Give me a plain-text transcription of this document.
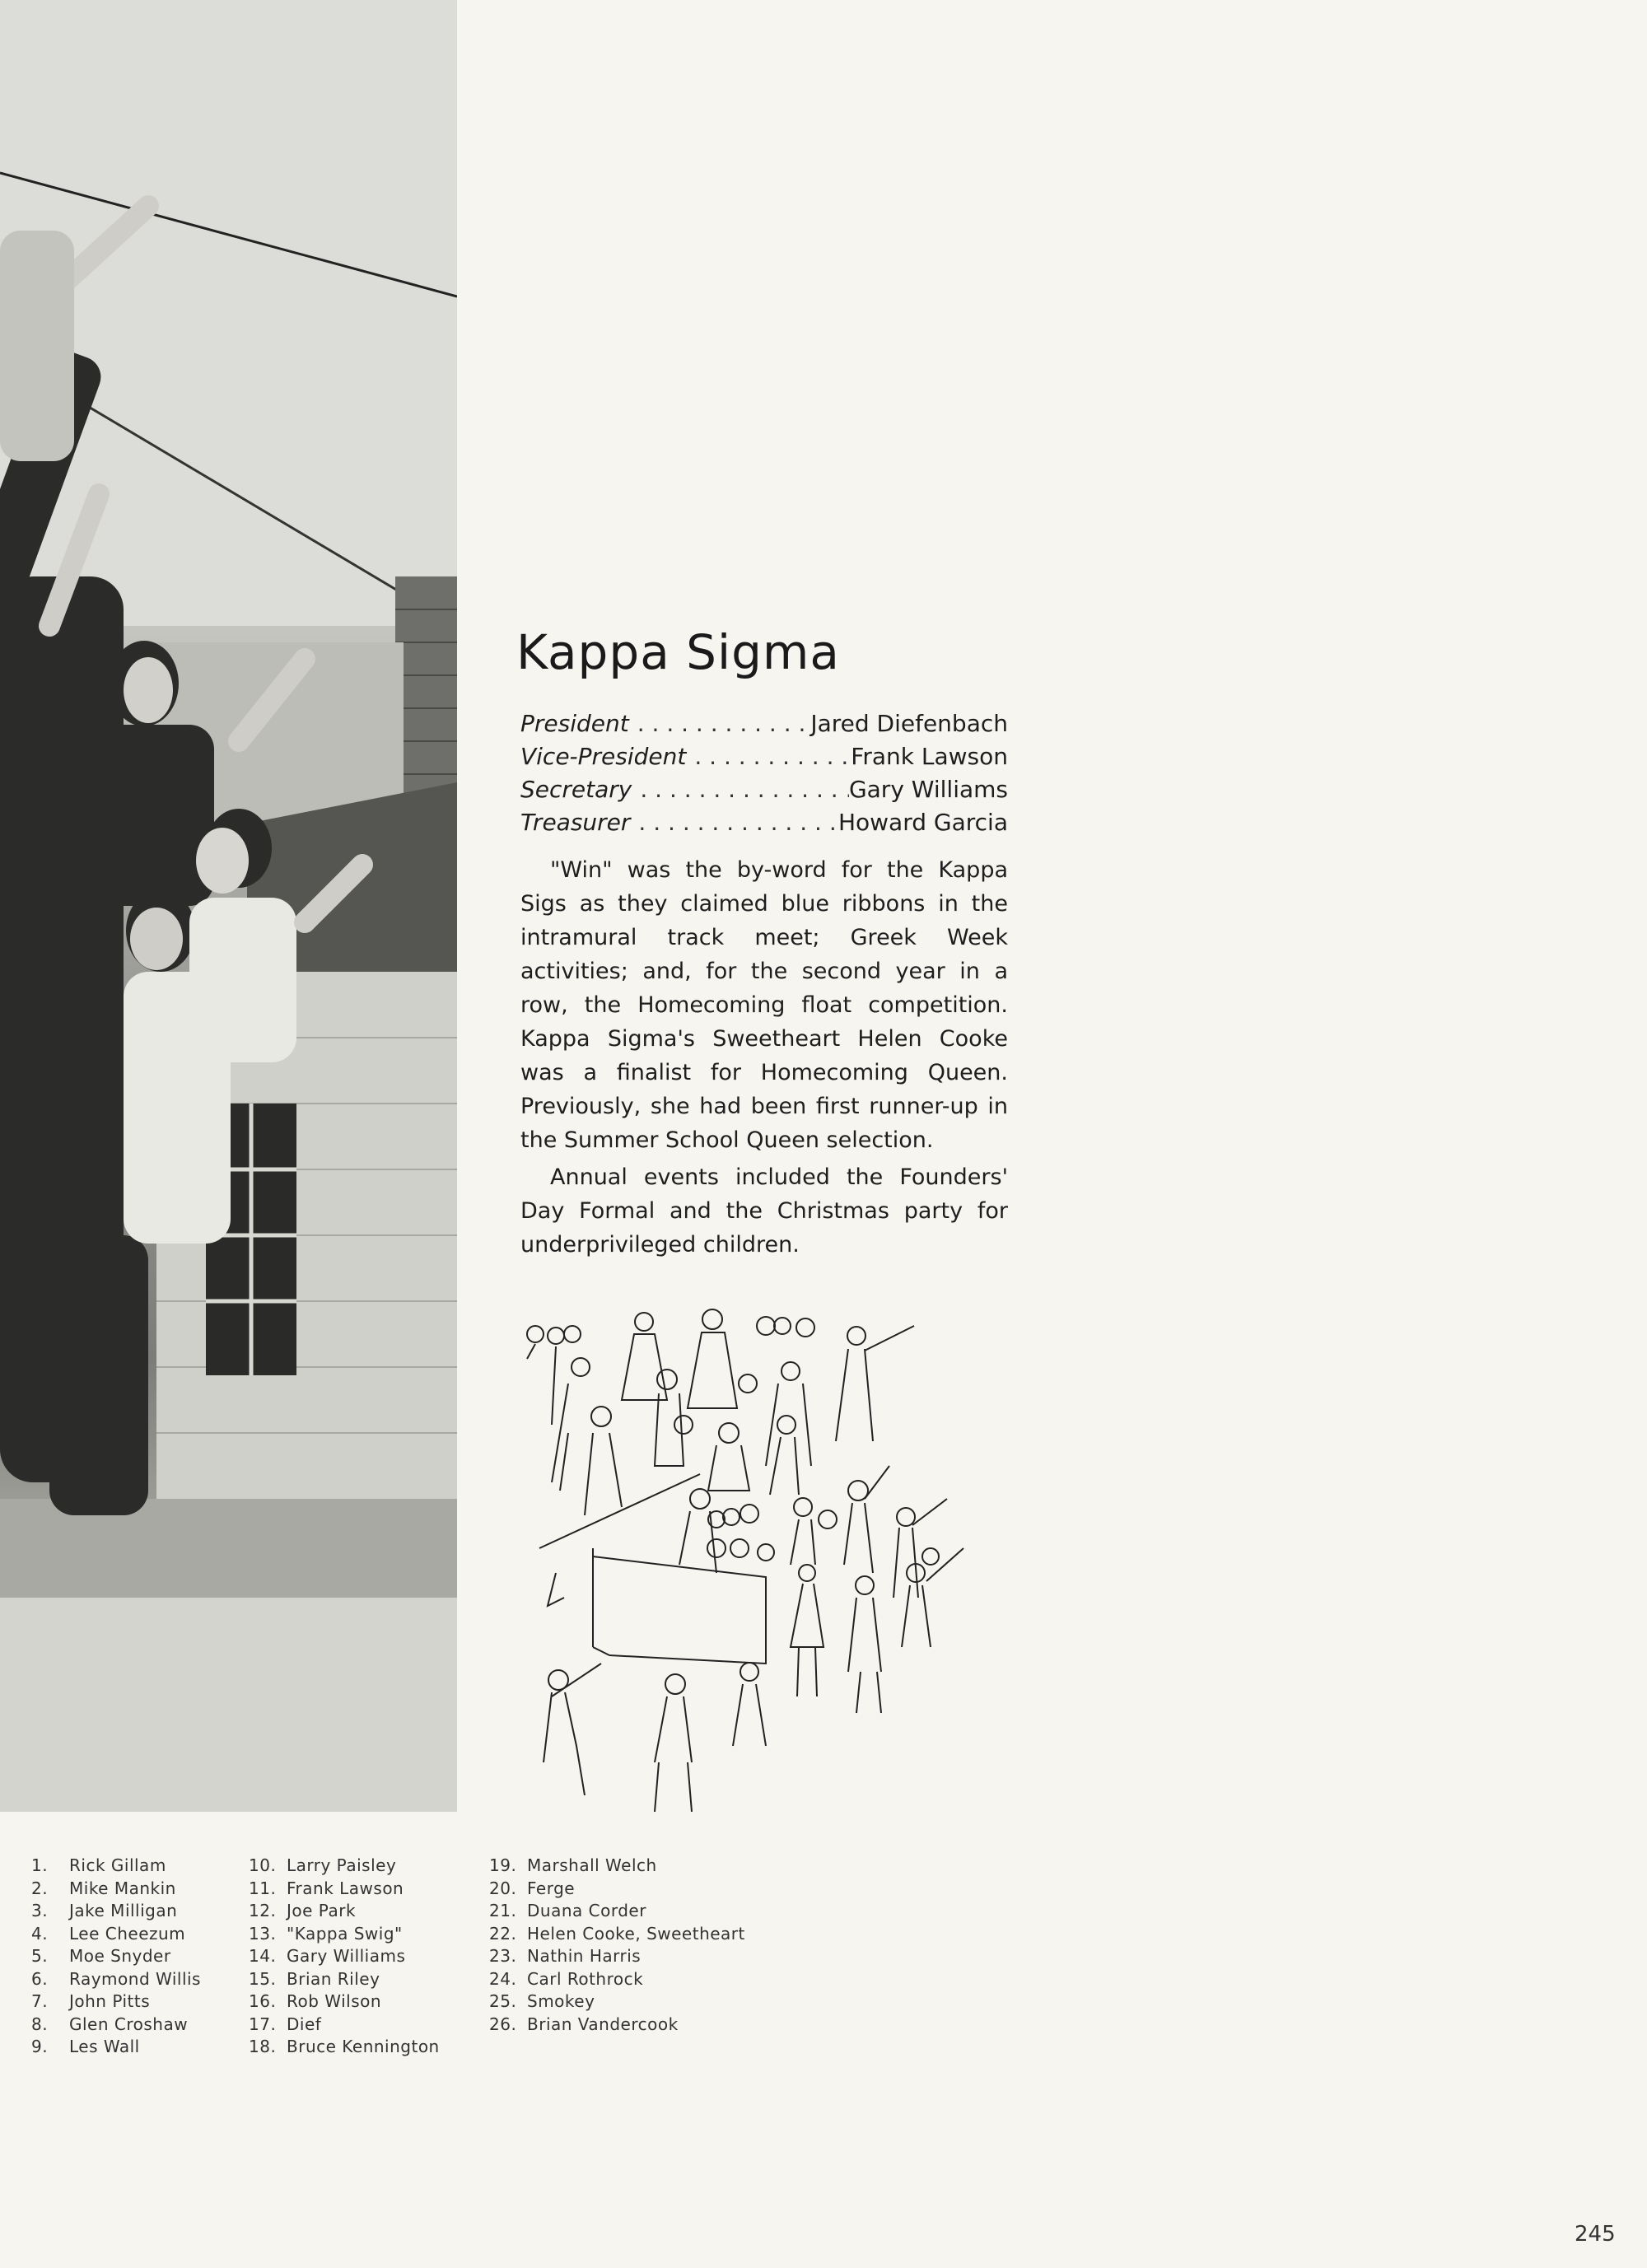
Kappa Sigma
President . . .	Jared Diefenbach
Vice-President . . .	Frank Lawson
Secretary . . .	Gary Williams
Treasurer . . .	Howard Garcia

"Win" was the by-word for the Kappa Sigs as they claimed blue ribbons in the intramural track meet; Greek Week activities; and, for the second year in a row, the Homecoming float competition. Kappa Sigma's Sweetheart Helen Cooke was a finalist for Homecoming Queen. Previously, she had been first runner-up in the Summer School Queen selection.

Annual events included the Founders' Day Formal and the Christmas party for underprivileged children.

1.	Rick Gillam
2.	Mike Mankin
3.	Jake Milligan
4.	Lee Cheezum
5.	Moe Snyder
6.	Raymond Willis
7.	John Pitts
8.	Glen Croshaw
9.	Les Wall
10. Larry Paisley
11. Frank Lawson
12. Joe Park
13. "Kappa Swig"
14. Gary Williams
15. Brian Riley
16. Rob Wilson
17. Dief
18. Bruce Kennington
19. Marshall Welch
20. Ferge
21. Duana Corder
22. Helen Cooke, Sweetheart
23. Nathin Harris
24. Carl Rothrock
25. Smokey
26. Brian Vandercook
245
